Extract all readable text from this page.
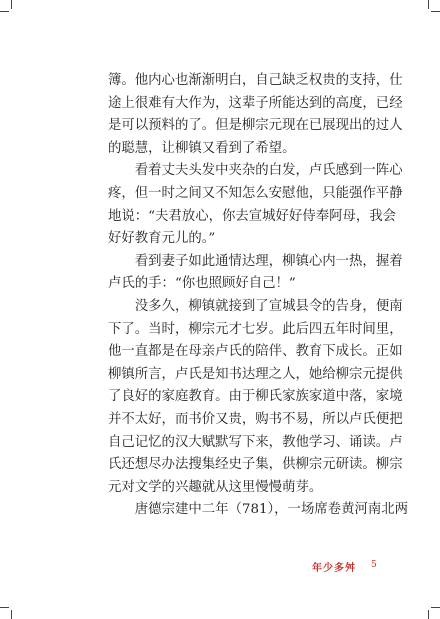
簿。他内心也渐渐明白，自己缺乏权贵的支持，仕
途上很难有大作为，这辈子所能达到的高度，已经
是可以预料的了。但是柳宗元现在已展现出的过人
的聪慧，让柳镇又看到了希望。

看着丈夫头发中夹杂的白发，卢氏感到一阵心
疼，但一时之间又不知怎么安慰他，只能强作平静
地说：“夫君放心，你去宣城好好侍奉阿母，我会
好好教育元儿的。”

看到妻子如此通情达理，柳镇心内一热，握着
卢氏的手：“你也照顾好自己！”

没多久，柳镇就接到了宣城县令的告身，便南
下了。当时，柳宗元才七岁。此后四五年时间里，
他一直都是在母亲卢氏的陪伴、教育下成长。正如
柳镇所言，卢氏是知书达理之人，她给柳宗元提供
了良好的家庭教育。由于柳氏家族家道中落，家境
并不太好，而书价又贵，购书不易，所以卢氏便把
自己记忆的汉大赋默写下来，教他学习、诵读。卢
氏还想尽办法搜集经史子集，供柳宗元研读。柳宗
元对文学的兴趣就从这里慢慢萌芽。

唐德宗建中二年（781），一场席卷黄河南北两

年少多舛 5
